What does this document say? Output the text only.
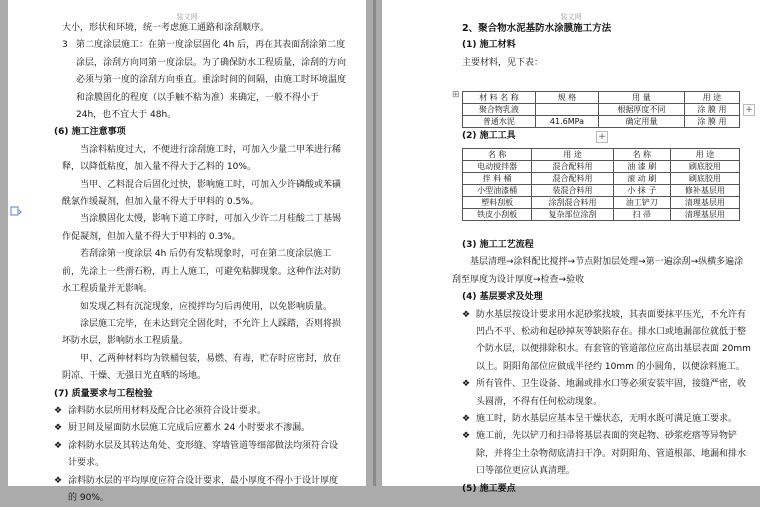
装文网

大小，形状和环境，统一考虑施工通路和涂刮顺序。

3 第二度涂层施工：在第一度涂层固化 4h 后，再在其表面刮涂第二度涂层，涂刮方向同第一度涂层。为了确保防水工程质量，涂刮的方向必须与第一度的涂刮方向垂直。重涂时间的间隔，由施工时环境温度和涂膜固化的程度（以手触不粘为准）来确定，一般不得小于 24h，也不宜大于 48h。

(6) 施工注意事项

当涂料粘度过大，不便进行涂刮施工时，可加入少量二甲苯进行稀释，以降低粘度，加入量不得大于乙料的 10%。

当甲、乙料混合后固化过快，影响施工时，可加入少许磷酸或苯磺酰氯作缓凝剂，但加入量不得大于甲料的 0.5%。

当涂膜固化太慢，影响下道工序时，可加入少许二月桂酸二丁基锡作促凝剂，但加入量不得大于甲料的 0.3%。

若刮涂第一度涂层 4h 后仍有发粘现象时，可在第二度涂层施工前，先涂上一些滑石粉，再上人施工，可避免粘脚现象。这种作法对防水工程质量并无影响。

如发现乙料有沉淀现象，应搅拌均匀后再使用，以免影响质量。

涂层施工完毕，在未达到完全固化时，不允许上人踩踏，否则将损坏防水层，影响防水工程质量。

甲、乙两种材料均为铁桶包装，易燃、有毒，贮存时应密封，放在阴凉、干燥、无强日光直晒的场地。

(7) 质量要求与工程检验

❖ 涂料防水层所用材料及配合比必须符合设计要求。
❖ 厨卫间及屋面防水层施工完成后应蓄水 24 小时要求不渗漏。
❖ 涂料防水层及其转达角处、变形缝、穿墙管道等细部做法均须符合设计要求。
❖ 涂料防水层的平均厚度应符合设计要求，最小厚度不得小于设计厚度的 90%。
装文网

2、聚合物水泥基防水涂膜施工方法

(1) 施工材料

主要材料，见下表：

材 料 名 称	规 格	用 量	用 途
聚合物乳液		根据厚度不同	涂 膜 用
普通水泥	41.6MPa	确定用量	涂 膜 用
+
+
⊞

(2) 施工工具

名 称	用 途	名 称	用 途
电动搅拌器	混合配料用	油 漆 刷	刷底胶用
拌 料 桶	混合配料用	滚 动 刷	刷底胶用
小型油漆桶	装混合料用	小 抹 子	修补基层用
塑料刮板	涂刮混合料用	油工铲刀	清理基层用
铁皮小刮板	复杂部位涂刮	扫 帚	清理基层用

(3) 施工工艺流程

基层清理→涂料配比搅拌→节点附加层处理→第一遍涂刮→纵横多遍涂刮至厚度为设计厚度→检查→验收

(4) 基层要求及处理

❖ 防水基层按设计要求用水泥砂浆找坡，其表面要抹平压光，不允许有凹凸不平、松动和起砂掉灰等缺陷存在。排水口或地漏部位就低于整个防水层，以便排除积水。有套管的管道部位应高出基层表面 20mm 以上。阴阳角部位应做成半径约 10mm 的小圆角，以便涂料施工。
❖ 所有管件、卫生设备、地漏或排水口等必须安装牢固，接缝严密，收头圆滑，不得有任何松动现象。
❖ 施工时，防水基层应基本呈干燥状态，无明水既可满足施工要求。
❖ 施工前，先以铲刀和扫帚将基层表面的突起物、砂浆疙瘩等异物铲除，并将尘土杂物彻底清扫干净。对阴阳角、管道根部、地漏和排水口等部位更应认真清理。

(5) 施工要点
